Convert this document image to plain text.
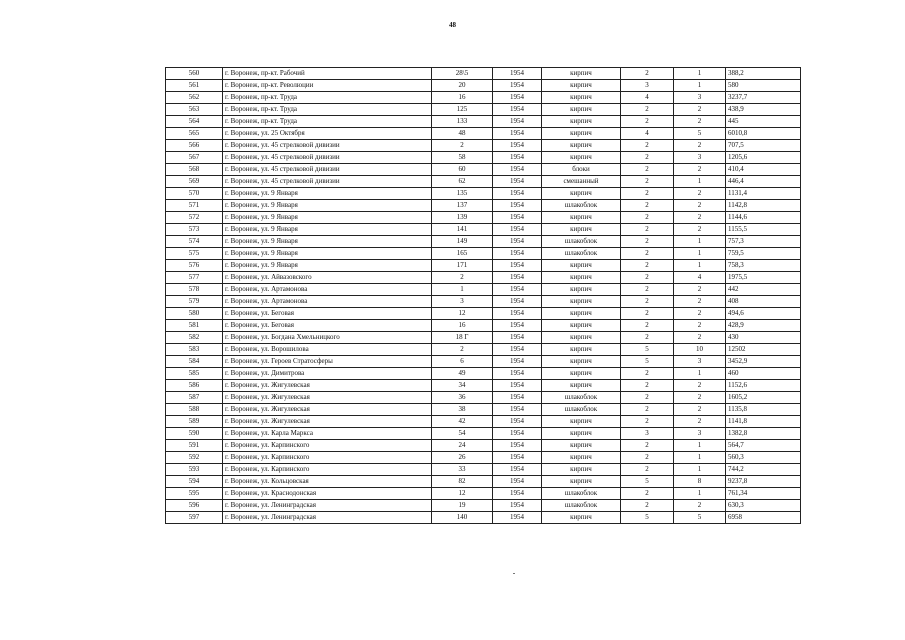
48
560	г. Воронеж, пр-кт. Рабочий	28\5	1954	кирпич	2	1	388,2
561	г. Воронеж, пр-кт. Революции	20	1954	кирпич	3	1	580
562	г. Воронеж, пр-кт. Труда	16	1954	кирпич	4	3	3237,7
563	г. Воронеж, пр-кт. Труда	125	1954	кирпич	2	2	438,9
564	г. Воронеж, пр-кт. Труда	133	1954	кирпич	2	2	445
565	г. Воронеж, ул. 25 Октября	48	1954	кирпич	4	5	6010,8
566	г. Воронеж, ул. 45 стрелковой дивизии	2	1954	кирпич	2	2	707,5
567	г. Воронеж, ул. 45 стрелковой дивизии	58	1954	кирпич	2	3	1205,6
568	г. Воронеж, ул. 45 стрелковой дивизии	60	1954	блоки	2	2	410,4
569	г. Воронеж, ул. 45 стрелковой дивизии	62	1954	смешанный	2	1	446,4
570	г. Воронеж, ул. 9 Января	135	1954	кирпич	2	2	1131,4
571	г. Воронеж, ул. 9 Января	137	1954	шлакоблок	2	2	1142,8
572	г. Воронеж, ул. 9 Января	139	1954	кирпич	2	2	1144,6
573	г. Воронеж, ул. 9 Января	141	1954	кирпич	2	2	1155,5
574	г. Воронеж, ул. 9 Января	149	1954	шлакоблок	2	1	757,3
575	г. Воронеж, ул. 9 Января	165	1954	шлакоблок	2	1	759,5
576	г. Воронеж, ул. 9 Января	171	1954	кирпич	2	1	758,3
577	г. Воронеж, ул. Айвазовского	2	1954	кирпич	2	4	1975,5
578	г. Воронеж, ул. Артамонова	1	1954	кирпич	2	2	442
579	г. Воронеж, ул. Артамонова	3	1954	кирпич	2	2	408
580	г. Воронеж, ул. Беговая	12	1954	кирпич	2	2	494,6
581	г. Воронеж, ул. Беговая	16	1954	кирпич	2	2	428,9
582	г. Воронеж, ул. Богдана Хмельницкого	18 Г	1954	кирпич	2	2	430
583	г. Воронеж, ул. Ворошилова	2	1954	кирпич	5	10	12502
584	г. Воронеж, ул. Героев Стратосферы	6	1954	кирпич	5	3	3452,9
585	г. Воронеж, ул. Димитрова	49	1954	кирпич	2	1	460
586	г. Воронеж, ул. Жигулевская	34	1954	кирпич	2	2	1152,6
587	г. Воронеж, ул. Жигулевская	36	1954	шлакоблок	2	2	1605,2
588	г. Воронеж, ул. Жигулевская	38	1954	шлакоблок	2	2	1135,8
589	г. Воронеж, ул. Жигулевская	42	1954	кирпич	2	2	1141,8
590	г. Воронеж, ул. Карла Маркса	54	1954	кирпич	3	3	1382,8
591	г. Воронеж, ул. Карпинского	24	1954	кирпич	2	1	564,7
592	г. Воронеж, ул. Карпинского	26	1954	кирпич	2	1	560,3
593	г. Воронеж, ул. Карпинского	33	1954	кирпич	2	1	744,2
594	г. Воронеж, ул. Кольцовская	82	1954	кирпич	5	8	9237,8
595	г. Воронеж, ул. Краснодонская	12	1954	шлакоблок	2	1	761,34
596	г. Воронеж, ул. Ленинградская	19	1954	шлакоблок	2	2	630,3
597	г. Воронеж, ул. Ленинградская	140	1954	кирпич	5	5	6958
